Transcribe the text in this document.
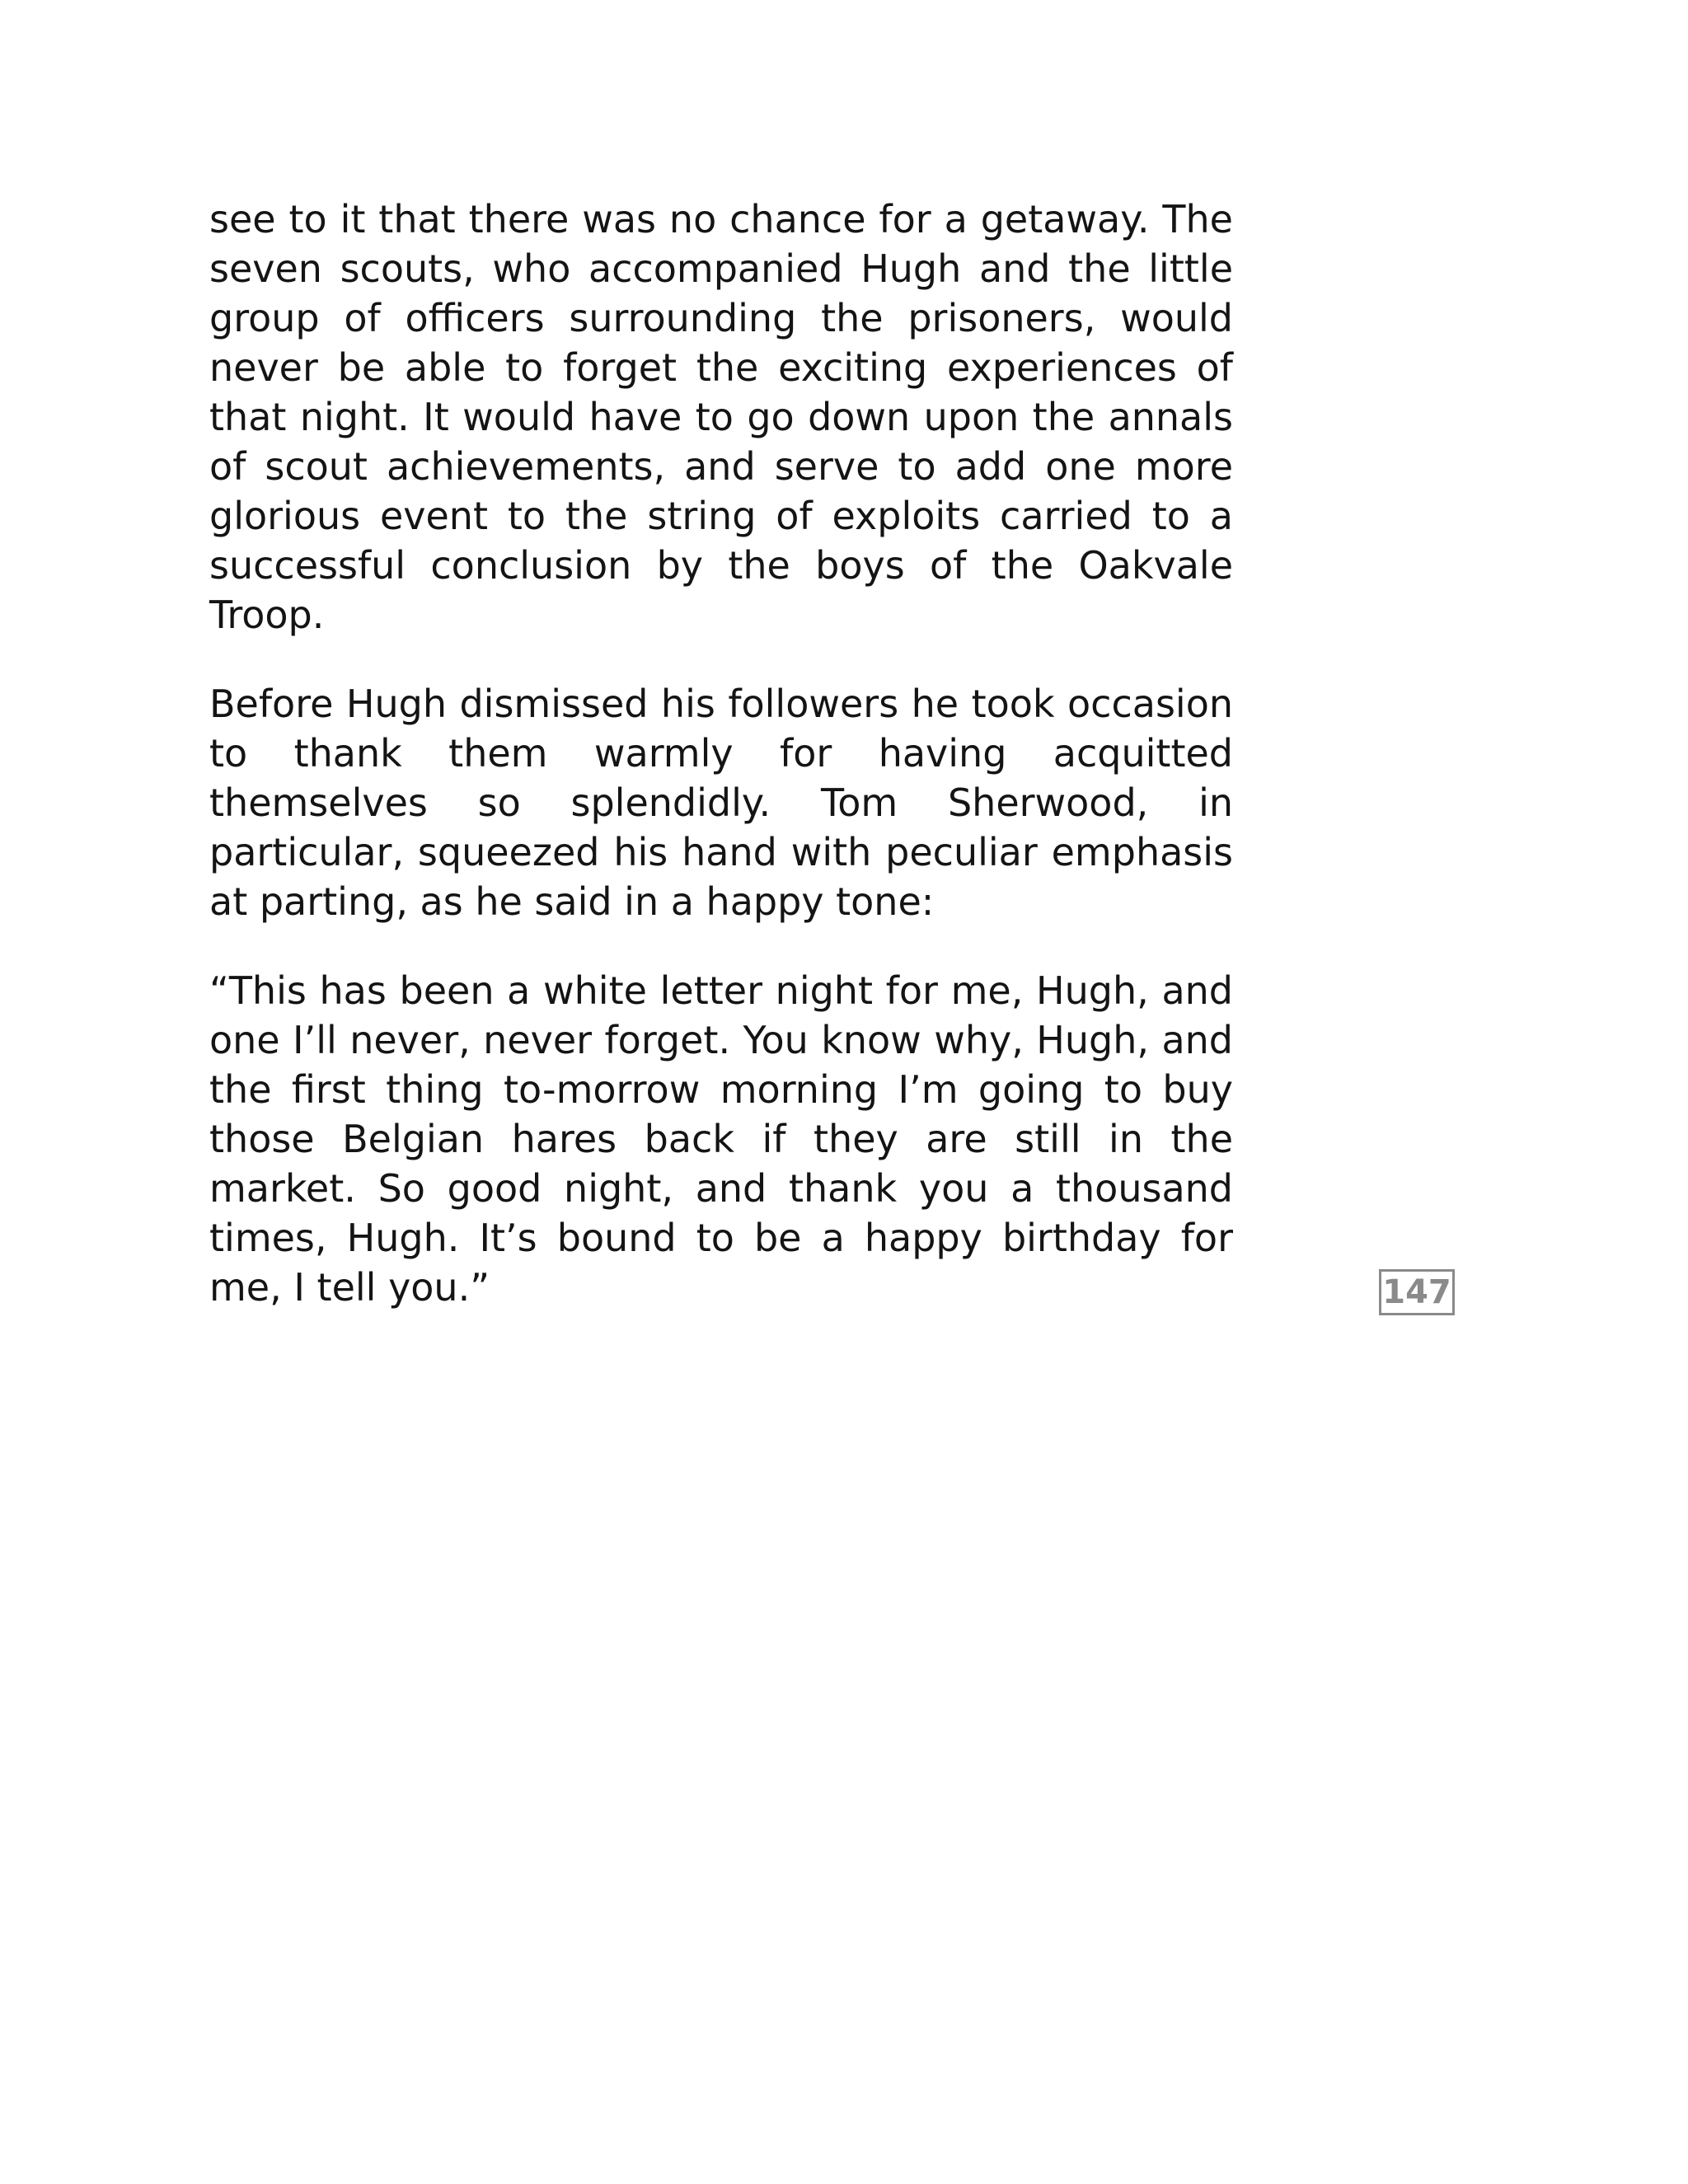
see to it that there was no chance for a getaway. The seven scouts, who accompanied Hugh and the little group of officers surrounding the prisoners, would never be able to forget the exciting experiences of that night. It would have to go down upon the annals of scout achievements, and serve to add one more glorious event to the string of exploits carried to a successful conclusion by the boys of the Oakvale Troop.

Before Hugh dismissed his followers he took occasion to thank them warmly for having acquitted themselves so splendidly. Tom Sherwood, in particular, squeezed his hand with peculiar emphasis at parting, as he said in a happy tone:

“This has been a white letter night for me, Hugh, and one I’ll never, never forget. You know why, Hugh, and the first thing to-morrow morning I’m going to buy those Belgian hares back if they are still in the market. So good night, and thank you a thousand times, Hugh. It’s bound to be a happy birthday for me, I tell you.”	147
